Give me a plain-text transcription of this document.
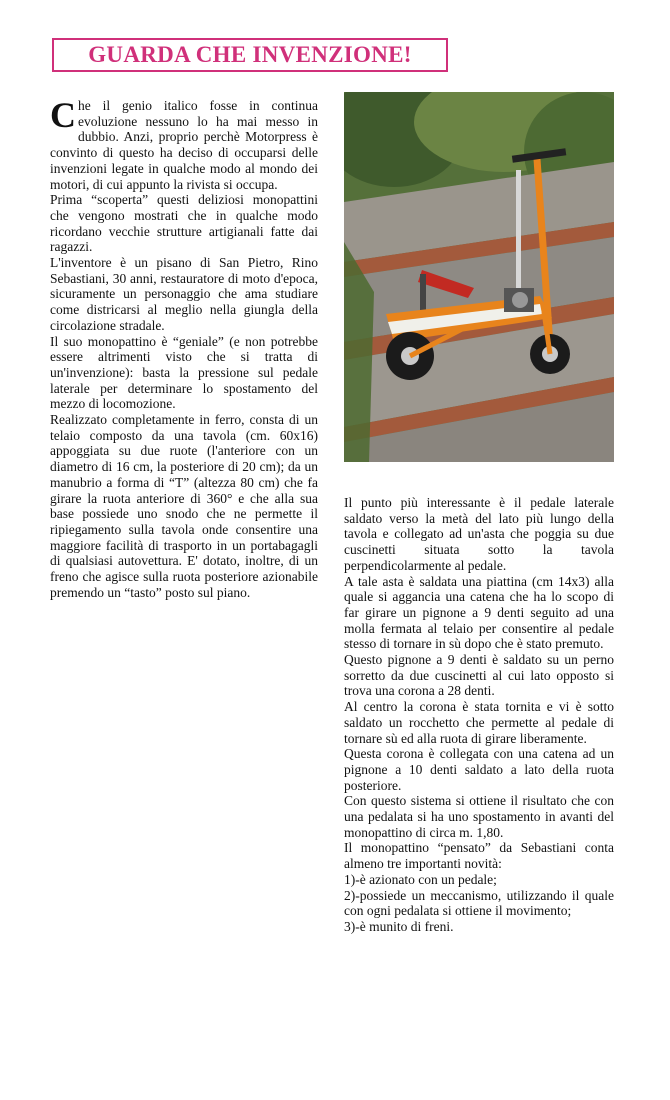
GUARDA CHE INVENZIONE!

Che il genio italico fosse in continua evoluzione nessuno lo ha mai messo in dubbio. Anzi, proprio perchè Motorpress è convinto di questo ha deciso di occuparsi delle invenzioni legate in qualche modo al mondo dei motori, di cui appunto la rivista si occupa.

Prima “scoperta” questi deliziosi monopattini che vengono mostrati che in qualche modo ricordano vecchie strutture artigianali fatte dai ragazzi.

L'inventore è un pisano di San Pietro, Rino Sebastiani, 30 anni, restauratore di moto d'epoca, sicuramente un personaggio che ama studiare come districarsi al meglio nella giungla della circolazione stradale.

Il suo monopattino è “geniale” (e non potrebbe essere altrimenti visto che si tratta di un'invenzione): basta la pressione sul pedale laterale per determinare lo spostamento del mezzo di locomozione.

Realizzato completamente in ferro, consta di un telaio composto da una tavola (cm. 60x16) appoggiata su due ruote (l'anteriore con un diametro di 16 cm, la posteriore di 20 cm); da un manubrio a forma di “T” (altezza 80 cm) che fa girare la ruota anteriore di 360° e che alla sua base possiede uno snodo che ne permette il ripiegamento sulla tavola onde consentire una maggiore facilità di trasporto in un portabagagli di qualsiasi autovettura. E' dotato, inoltre, di un freno che agisce sulla ruota posteriore azionabile premendo un “tasto” posto sul piano.

Il punto più interessante è il pedale laterale saldato verso la metà del lato più lungo della tavola e collegato ad un'asta che poggia su due cuscinetti situata sotto la tavola perpendicolarmente al pedale.

A tale asta è saldata una piattina (cm 14x3) alla quale si aggancia una catena che ha lo scopo di far girare un pignone a 9 denti seguito ad una molla fermata al telaio per consentire al pedale stesso di tornare in sù dopo che è stato premuto.

Questo pignone a 9 denti è saldato su un perno sorretto da due cuscinetti al cui lato opposto si trova una corona a 28 denti.

Al centro la corona è stata tornita e vi è sotto saldato un rocchetto che permette al pedale di tornare sù ed alla ruota di girare liberamente.

Questa corona è collegata con una catena ad un pignone a 10 denti saldato a lato della ruota posteriore.

Con questo sistema si ottiene il risultato che con una pedalata si ha uno spostamento in avanti del monopattino di circa m. 1,80.

Il monopattino “pensato” da Sebastiani conta almeno tre importanti novità:

1)-è azionato con un pedale;

2)-possiede un meccanismo, utilizzando il quale con ogni pedalata si ottiene il movimento;

3)-è munito di freni.
